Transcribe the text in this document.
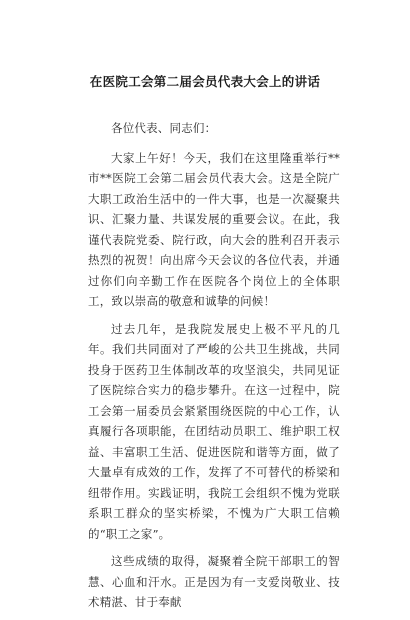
在医院工会第二届会员代表大会上的讲话

各位代表、同志们：

大家上午好！今天，我们在这里隆重举行**市**医院工会第二届会员代表大会。这是全院广大职工政治生活中的一件大事，也是一次凝聚共识、汇聚力量、共谋发展的重要会议。在此，我谨代表院党委、院行政，向大会的胜利召开表示热烈的祝贺！向出席今天会议的各位代表，并通过你们向辛勤工作在医院各个岗位上的全体职工，致以崇高的敬意和诚挚的问候！

过去几年，是我院发展史上极不平凡的几年。我们共同面对了严峻的公共卫生挑战，共同投身于医药卫生体制改革的攻坚浪尖，共同见证了医院综合实力的稳步攀升。在这一过程中，院工会第一届委员会紧紧围绕医院的中心工作，认真履行各项职能，在团结动员职工、维护职工权益、丰富职工生活、促进医院和谐等方面，做了大量卓有成效的工作，发挥了不可替代的桥梁和纽带作用。实践证明，我院工会组织不愧为党联系职工群众的坚实桥梁，不愧为广大职工信赖的“职工之家”。

这些成绩的取得，凝聚着全院干部职工的智慧、心血和汗水。正是因为有一支爱岗敬业、技术精湛、甘于奉献
